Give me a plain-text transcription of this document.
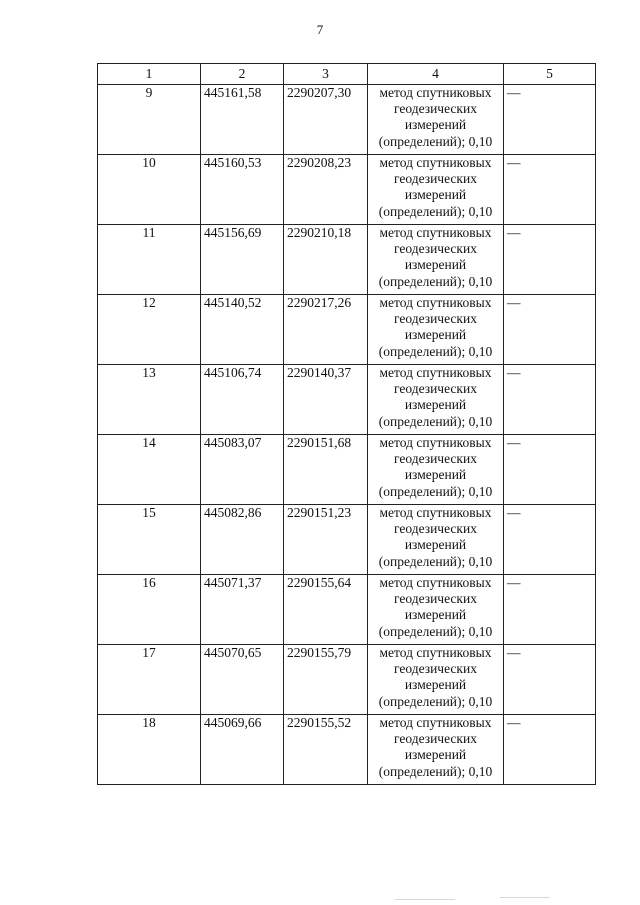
7
1	2	3	4	5
9	445161,58	2290207,30	метод спутниковых геодезических измерений (определений); 0,10	—
10	445160,53	2290208,23	метод спутниковых геодезических измерений (определений); 0,10	—
11	445156,69	2290210,18	метод спутниковых геодезических измерений (определений); 0,10	—
12	445140,52	2290217,26	метод спутниковых геодезических измерений (определений); 0,10	—
13	445106,74	2290140,37	метод спутниковых геодезических измерений (определений); 0,10	—
14	445083,07	2290151,68	метод спутниковых геодезических измерений (определений); 0,10	—
15	445082,86	2290151,23	метод спутниковых геодезических измерений (определений); 0,10	—
16	445071,37	2290155,64	метод спутниковых геодезических измерений (определений); 0,10	—
17	445070,65	2290155,79	метод спутниковых геодезических измерений (определений); 0,10	—
18	445069,66	2290155,52	метод спутниковых геодезических измерений (определений); 0,10	—
